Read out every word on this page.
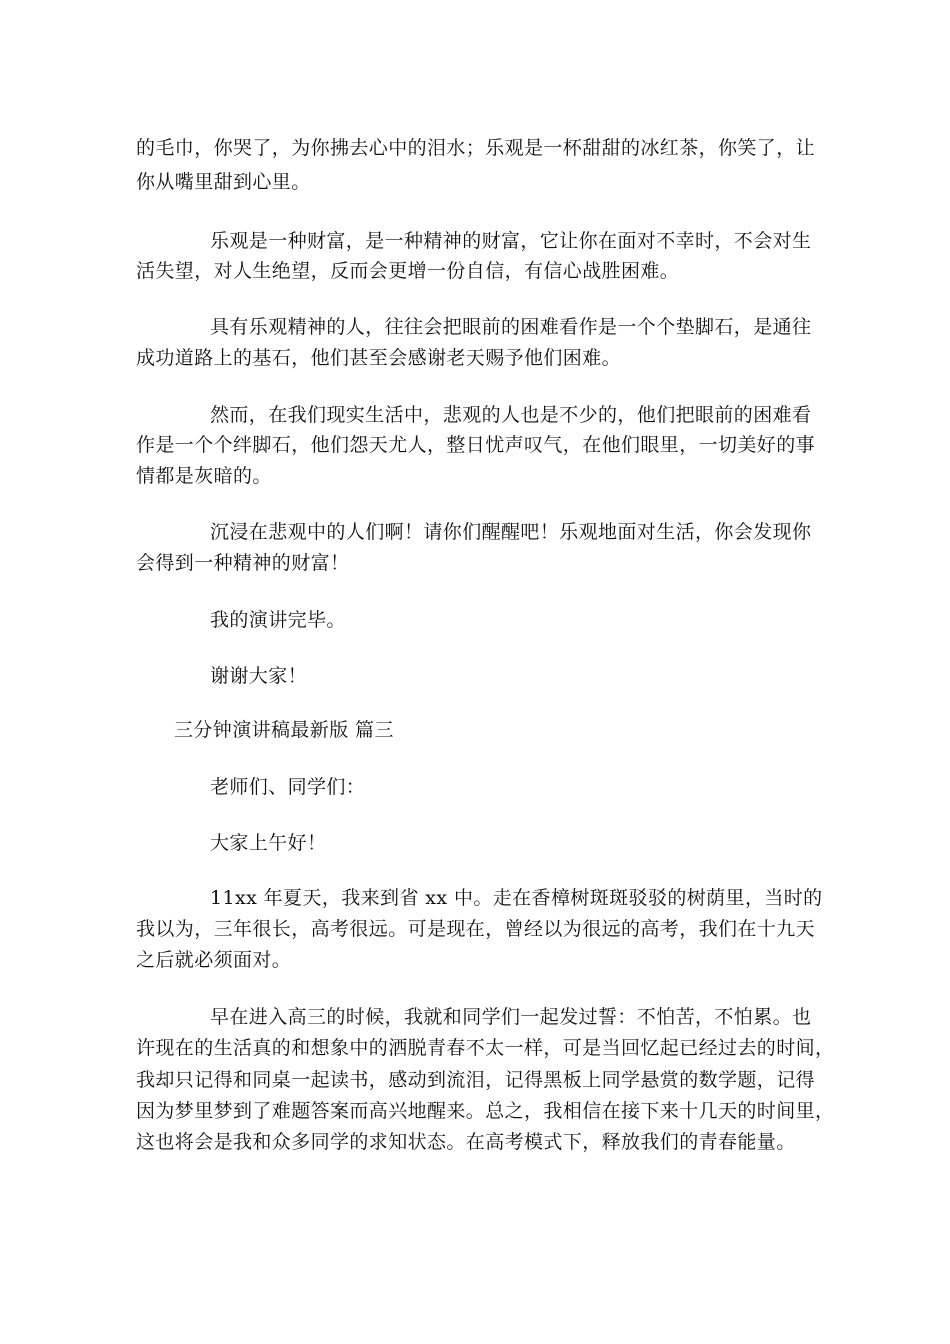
的毛巾，你哭了，为你拂去心中的泪水；乐观是一杯甜甜的冰红茶，你笑了，让
你从嘴里甜到心里。
乐观是一种财富，是一种精神的财富，它让你在面对不幸时，不会对生
活失望，对人生绝望，反而会更增一份自信，有信心战胜困难。
具有乐观精神的人，往往会把眼前的困难看作是一个个垫脚石，是通往
成功道路上的基石，他们甚至会感谢老天赐予他们困难。
然而，在我们现实生活中，悲观的人也是不少的，他们把眼前的困难看
作是一个个绊脚石，他们怨天尤人，整日忧声叹气，在他们眼里，一切美好的事
情都是灰暗的。
沉浸在悲观中的人们啊！请你们醒醒吧！乐观地面对生活，你会发现你
会得到一种精神的财富！
我的演讲完毕。
谢谢大家！
三分钟演讲稿最新版 篇三
老师们、同学们：
大家上午好！
11xx 年夏天，我来到省 xx 中。走在香樟树斑斑驳驳的树荫里，当时的
我以为，三年很长，高考很远。可是现在，曾经以为很远的高考，我们在十九天
之后就必须面对。
早在进入高三的时候，我就和同学们一起发过誓：不怕苦，不怕累。也
许现在的生活真的和想象中的洒脱青春不太一样，可是当回忆起已经过去的时间，
我却只记得和同桌一起读书，感动到流泪，记得黑板上同学悬赏的数学题，记得
因为梦里梦到了难题答案而高兴地醒来。总之，我相信在接下来十几天的时间里，
这也将会是我和众多同学的求知状态。在高考模式下，释放我们的青春能量。
